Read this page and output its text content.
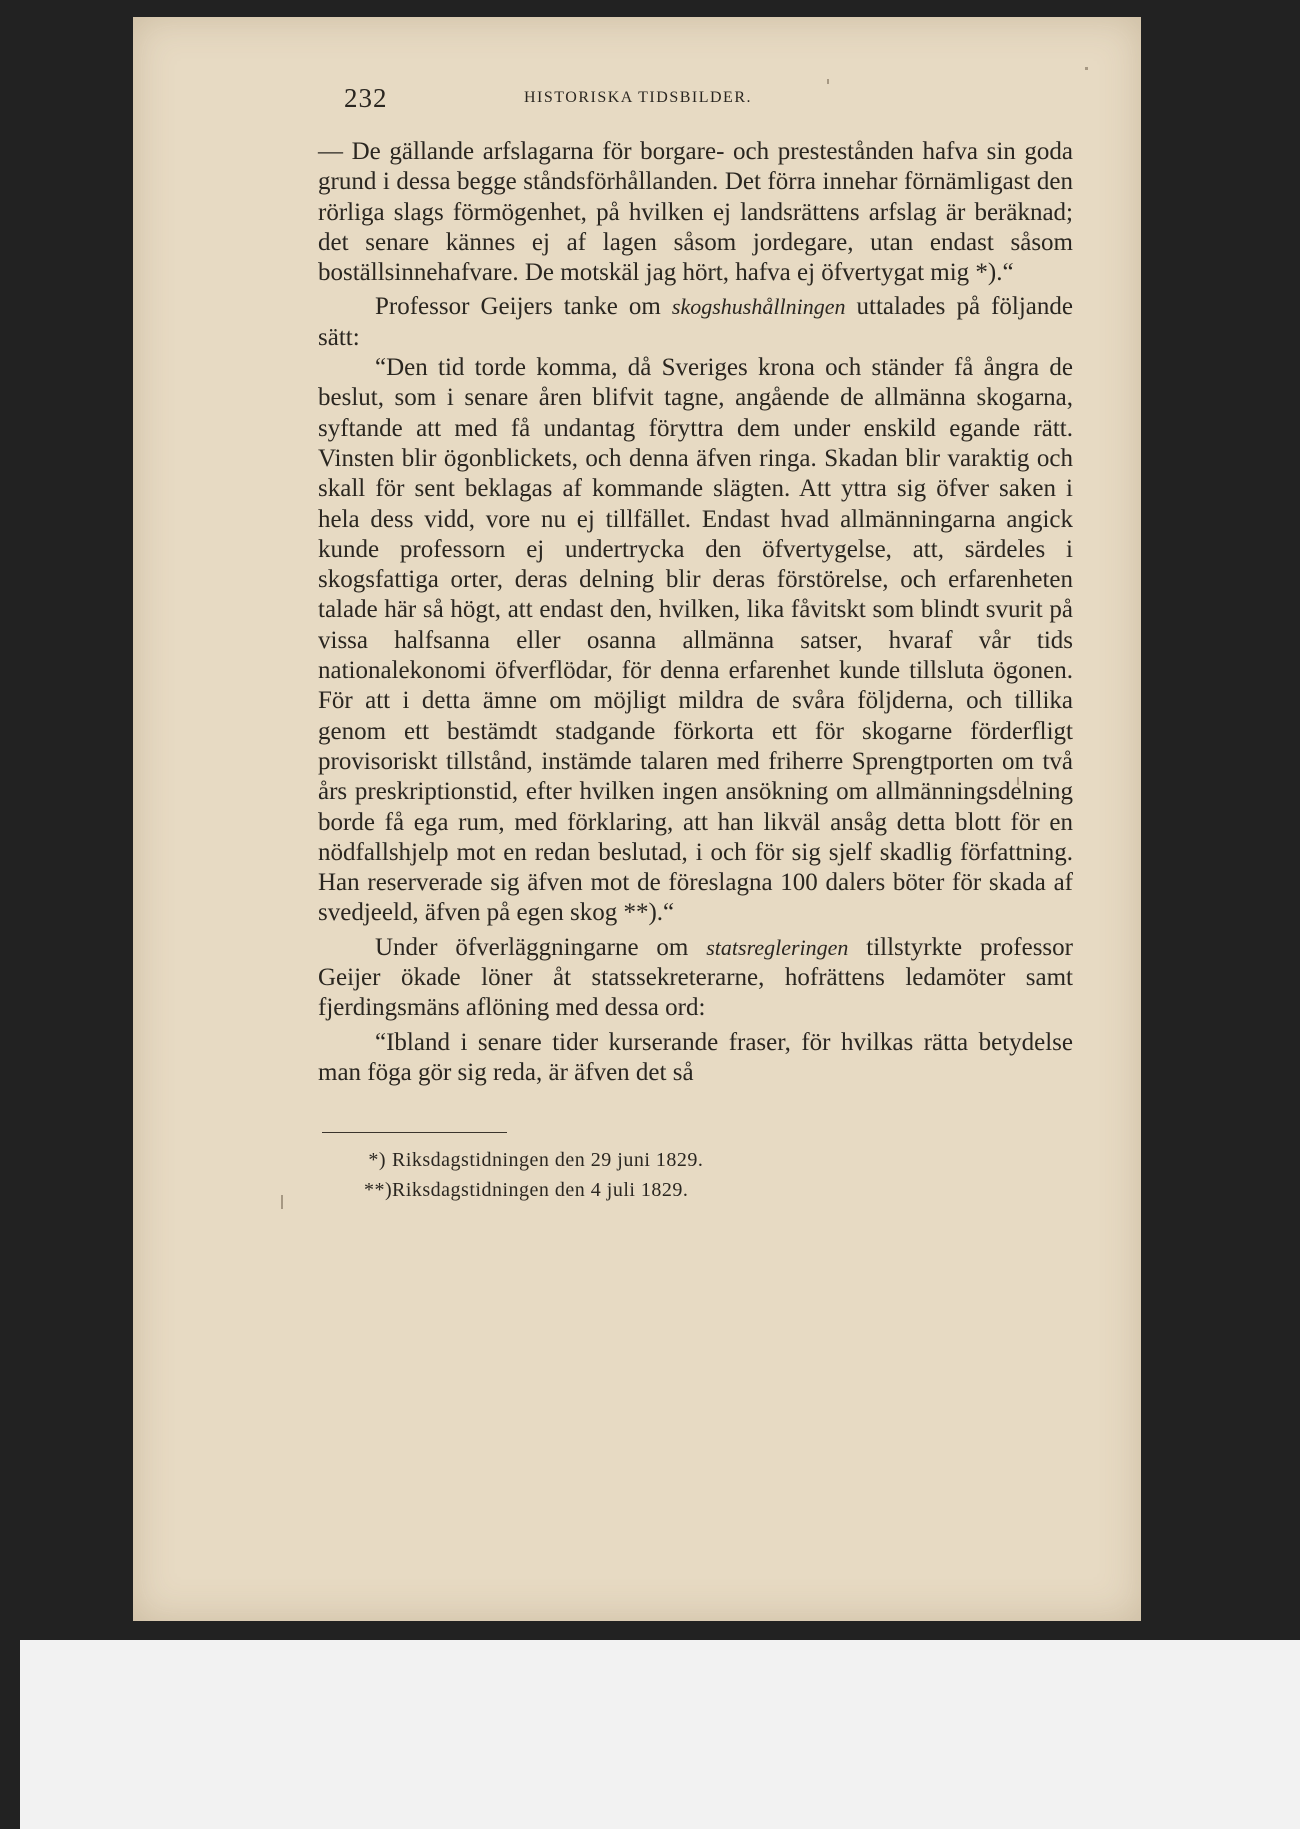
232	HISTORISKA TIDSBILDER.

— De gällande arfslagarna för borgare- och prestestånden hafva sin goda grund i dessa begge ståndsförhållanden. Det förra innehar förnämligast den rörliga slags förmögenhet, på hvilken ej landsrättens arfslag är beräknad; det senare kännes ej af lagen såsom jordegare, utan endast såsom boställsinnehafvare. De motskäl jag hört, hafva ej öfvertygat mig *).“

Professor Geijers tanke om skogshushållningen uttalades på följande sätt:

“Den tid torde komma, då Sveriges krona och ständer få ångra de beslut, som i senare åren blifvit tagne, angående de allmänna skogarna, syftande att med få undantag föryttra dem under enskild egande rätt. Vinsten blir ögonblickets, och denna äfven ringa. Skadan blir varaktig och skall för sent beklagas af kommande slägten. Att yttra sig öfver saken i hela dess vidd, vore nu ej tillfället. Endast hvad allmänningarna angick kunde professorn ej undertrycka den öfvertygelse, att, särdeles i skogsfattiga orter, deras delning blir deras förstörelse, och erfarenheten talade här så högt, att endast den, hvilken, lika fåvitskt som blindt svurit på vissa halfsanna eller osanna allmänna satser, hvaraf vår tids nationalekonomi öfverflödar, för denna erfarenhet kunde tillsluta ögonen. För att i detta ämne om möjligt mildra de svåra följderna, och tillika genom ett bestämdt stadgande förkorta ett för skogarne förderfligt provisoriskt tillstånd, instämde talaren med friherre Sprengtporten om två års preskriptionstid, efter hvilken ingen ansökning om allmänningsdelning borde få ega rum, med förklaring, att han likväl ansåg detta blott för en nödfallshjelp mot en redan beslutad, i och för sig sjelf skadlig författning. Han reserverade sig äfven mot de föreslagna 100 dalers böter för skada af svedjeeld, äfven på egen skog **).“

Under öfverläggningarne om statsregleringen tillstyrkte professor Geijer ökade löner åt statssekreterarne, hofrättens ledamöter samt fjerdingsmäns aflöning med dessa ord:

“Ibland i senare tider kurserande fraser, för hvilkas rätta betydelse man föga gör sig reda, är äfven det så

*) Riksdagstidningen den 29 juni 1829.
**)Riksdagstidningen den 4 juli 1829.
